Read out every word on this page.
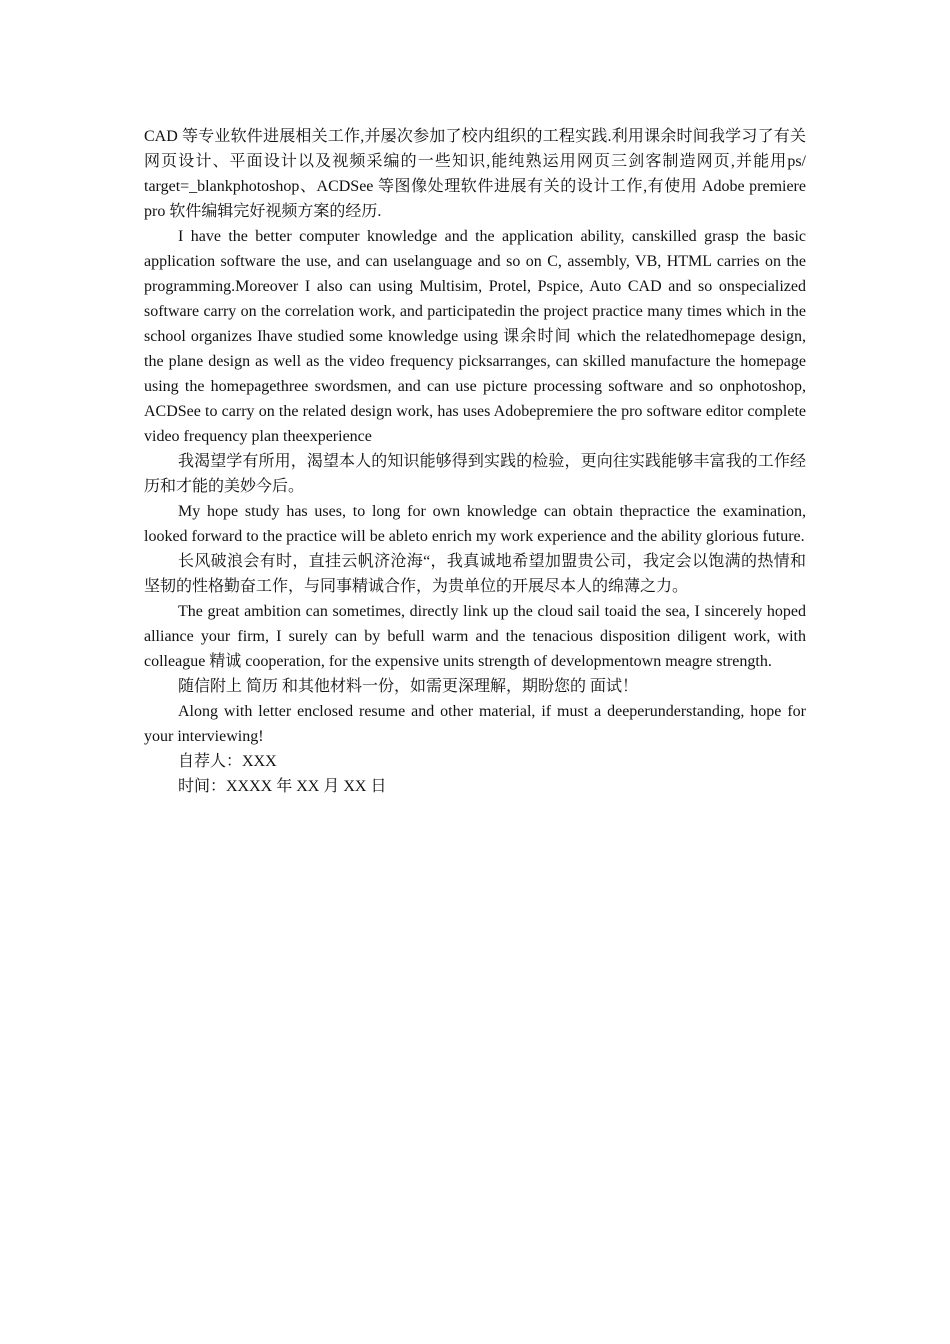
CAD 等专业软件进展相关工作,并屡次参加了校内组织的工程实践.利用课余时间我学习了有关网页设计、平面设计以及视频采编的一些知识,能纯熟运用网页三剑客制造网页,并能用ps/ target=_blankphotoshop、ACDSee 等图像处理软件进展有关的设计工作,有使用 Adobe premiere pro 软件编辑完好视频方案的经历.

I have the better computer knowledge and the application ability, canskilled grasp the basic application software the use, and can uselanguage and so on C, assembly, VB, HTML carries on the programming.Moreover I also can using Multisim, Protel, Pspice, Auto CAD and so onspecialized software carry on the correlation work, and participatedin the project practice many times which in the school organizes Ihave studied some knowledge using 课余时间 which the relatedhomepage design, the plane design as well as the video frequency picksarranges, can skilled manufacture the homepage using the homepagethree swordsmen, and can use picture processing software and so onphotoshop, ACDSee to carry on the related design work, has uses Adobepremiere the pro software editor complete video frequency plan theexperience

我渴望学有所用，渴望本人的知识能够得到实践的检验，更向往实践能够丰富我的工作经历和才能的美妙今后。

My hope study has uses, to long for own knowledge can obtain thepractice the examination, looked forward to the practice will be ableto enrich my work experience and the ability glorious future.

长风破浪会有时，直挂云帆济沧海“，我真诚地希望加盟贵公司，我定会以饱满的热情和坚韧的性格勤奋工作，与同事精诚合作，为贵单位的开展尽本人的绵薄之力。

The great ambition can sometimes, directly link up the cloud sail toaid the sea, I sincerely hoped alliance your firm, I surely can by befull warm and the tenacious disposition diligent work, with colleague 精诚 cooperation, for the expensive units strength of developmentown meagre strength.

随信附上 简历 和其他材料一份，如需更深理解，期盼您的 面试！

Along with letter enclosed resume and other material, if must a deeperunderstanding, hope for your interviewing!

自荐人：XXX

时间：XXXX 年 XX 月 XX 日
